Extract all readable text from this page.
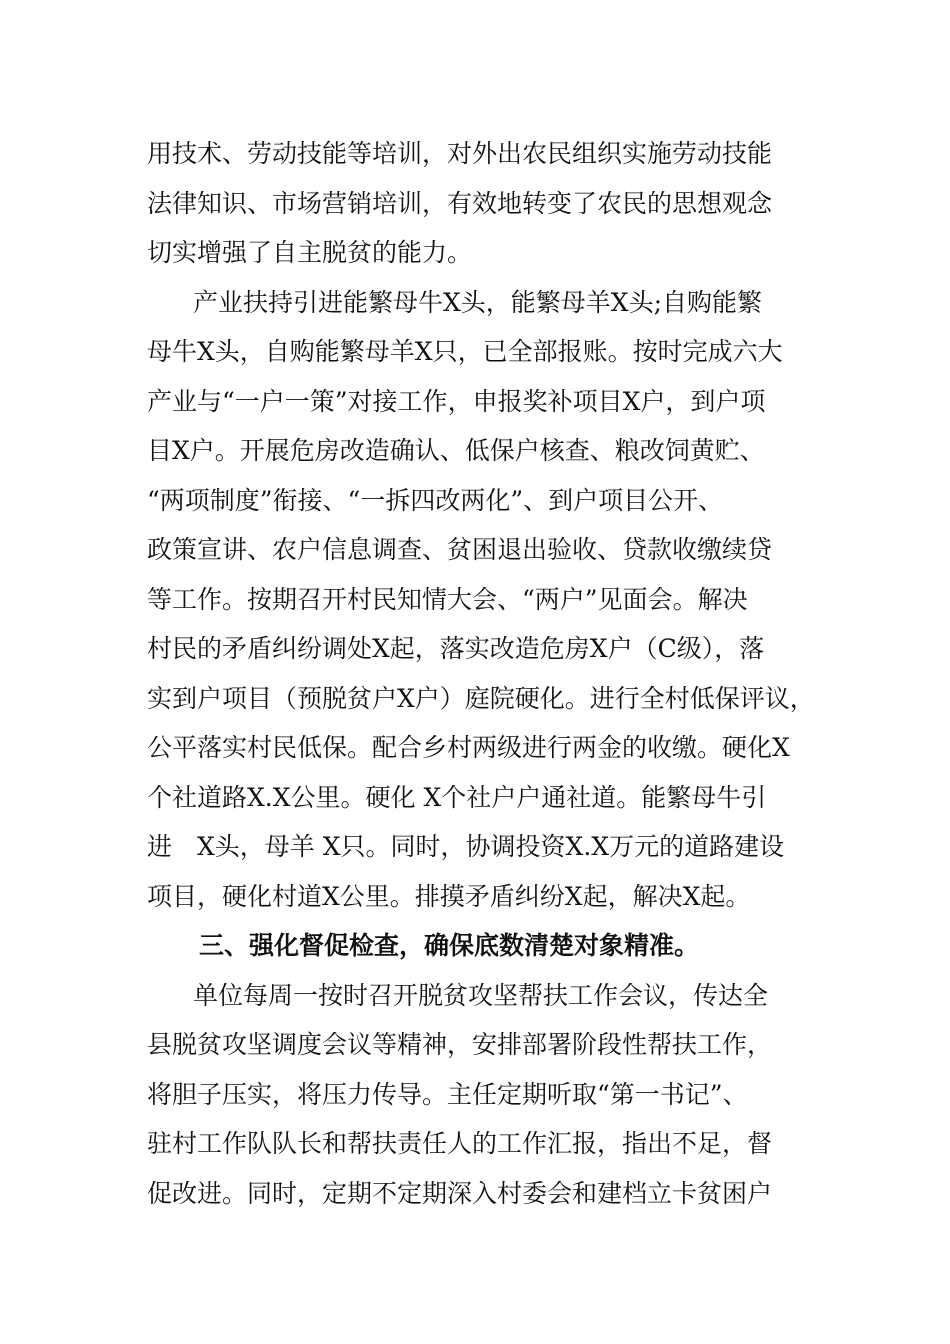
用技术、劳动技能等培训，对外出农民组织实施劳动技能
法律知识、市场营销培训，有效地转变了农民的思想观念
切实增强了自主脱贫的能力。
产业扶持引进能繁母牛X头，能繁母羊X头;自购能繁
母牛X头，自购能繁母羊X只，已全部报账。按时完成六大
产业与“一户一策”对接工作，申报奖补项目X户，到户项
目X户。开展危房改造确认、低保户核查、粮改饲黄贮、
“两项制度”衔接、“一拆四改两化”、到户项目公开、
政策宣讲、农户信息调查、贫困退出验收、贷款收缴续贷
等工作。按期召开村民知情大会、“两户”见面会。解决
村民的矛盾纠纷调处X起，落实改造危房X户（C级），落
实到户项目（预脱贫户X户）庭院硬化。进行全村低保评议，
公平落实村民低保。配合乡村两级进行两金的收缴。硬化X
个社道路X.X公里。硬化 X个社户户通社道。能繁母牛引
进　X头，母羊 X只。同时，协调投资X.X万元的道路建设
项目，硬化村道X公里。排摸矛盾纠纷X起，解决X起。
三、强化督促检查，确保底数清楚对象精准。
单位每周一按时召开脱贫攻坚帮扶工作会议，传达全
县脱贫攻坚调度会议等精神，安排部署阶段性帮扶工作，
将胆子压实，将压力传导。主任定期听取“第一书记”、
驻村工作队队长和帮扶责任人的工作汇报，指出不足，督
促改进。同时，定期不定期深入村委会和建档立卡贫困户
